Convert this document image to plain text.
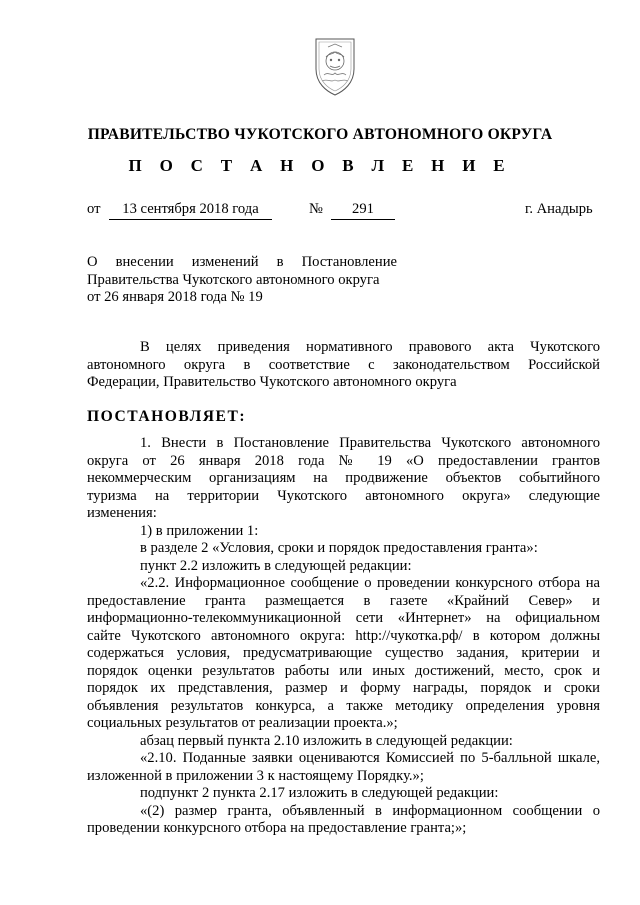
ПРАВИТЕЛЬСТВО ЧУКОТСКОГО АВТОНОМНОГО ОКРУГА
П О С Т А Н О В Л Е Н И Е
от	13 сентября 2018 года	№	291	г. Анадырь
О внесении изменений в Постановление
Правительства Чукотского автономного округа
от 26 января 2018 года № 19
В целях приведения нормативного правового акта Чукотского
автономного округа в соответствие с законодательством Российской
Федерации, Правительство Чукотского автономного округа
ПОСТАНОВЛЯЕТ:
1. Внести в Постановление Правительства Чукотского автономного
округа от 26 января 2018 года № 19 «О предоставлении грантов
некоммерческим организациям на продвижение объектов событийного
туризма на территории Чукотского автономного округа» следующие
изменения:
1) в приложении 1:
в разделе 2 «Условия, сроки и порядок предоставления гранта»:
пункт 2.2 изложить в следующей редакции:
«2.2. Информационное сообщение о проведении конкурсного отбора на
предоставление гранта размещается в газете «Крайний Север» и
информационно-телекоммуникационной сети «Интернет» на официальном
сайте Чукотского автономного округа: http://чукотка.рф/ в котором должны
содержаться условия, предусматривающие существо задания, критерии и
порядок оценки результатов работы или иных достижений, место, срок и
порядок их представления, размер и форму награды, порядок и сроки
объявления результатов конкурса, а также методику определения уровня
социальных результатов от реализации проекта.»;
абзац первый пункта 2.10 изложить в следующей редакции:
«2.10. Поданные заявки оцениваются Комиссией по 5-балльной шкале,
изложенной в приложении 3 к настоящему Порядку.»;
подпункт 2 пункта 2.17 изложить в следующей редакции:
«(2) размер гранта, объявленный в информационном сообщении о
проведении конкурсного отбора на предоставление гранта;»;
